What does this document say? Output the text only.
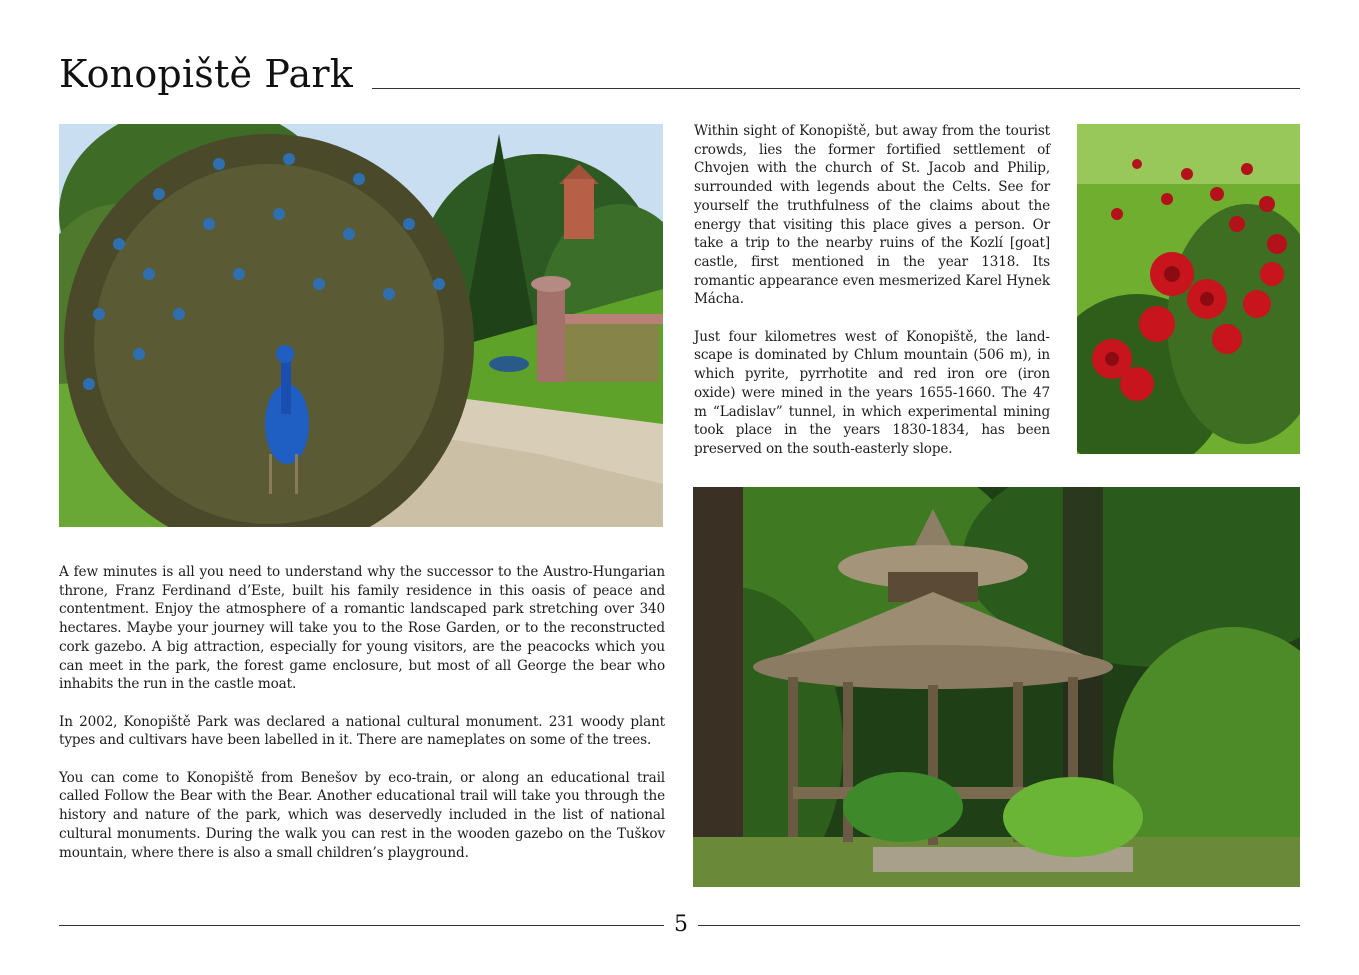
Konopiště Park

Within sight of Konopiště, but away from the tourist crowds, lies the former fortified settlement of Chvojen with the church of St. Jacob and Philip, surrounded with legends about the Celts. See for yourself the truthfulness of the claims about the energy that visiting this place gives a person. Or take a trip to the nearby ruins of the Kozlí [goat] castle, first mentioned in the year 1318. Its romantic appearance even mesmerized Karel Hynek Mácha.

Just four kilometres west of Konopiště, the landscape is dominated by Chlum mountain (506 m), in which pyrite, pyrrhotite and red iron ore (iron oxide) were mined in the years 1655-1660. The 47 m “Ladislav” tunnel, in which experimental mining took place in the years 1830-1834, has been preserved on the south-easterly slope.

A few minutes is all you need to understand why the successor to the Austro-Hungarian throne, Franz Ferdinand d’Este, built his family residence in this oasis of peace and contentment. Enjoy the atmosphere of a romantic landscaped park stretching over 340 hectares. Maybe your journey will take you to the Rose Garden, or to the reconstructed cork gazebo. A big attraction, especially for young visitors, are the peacocks which you can meet in the park, the forest game enclosure, but most of all George the bear who inhabits the run in the castle moat.

In 2002, Konopiště Park was declared a national cultural monument. 231 woody plant types and cultivars have been labelled in it. There are nameplates on some of the trees.

You can come to Konopiště from Benešov by eco-train, or along an educational trail called Follow the Bear with the Bear. Another educational trail will take you through the history and nature of the park, which was deservedly included in the list of national cultural monuments. During the walk you can rest in the wooden gazebo on the Tuškov mountain, where there is also a small children’s playground.

5
